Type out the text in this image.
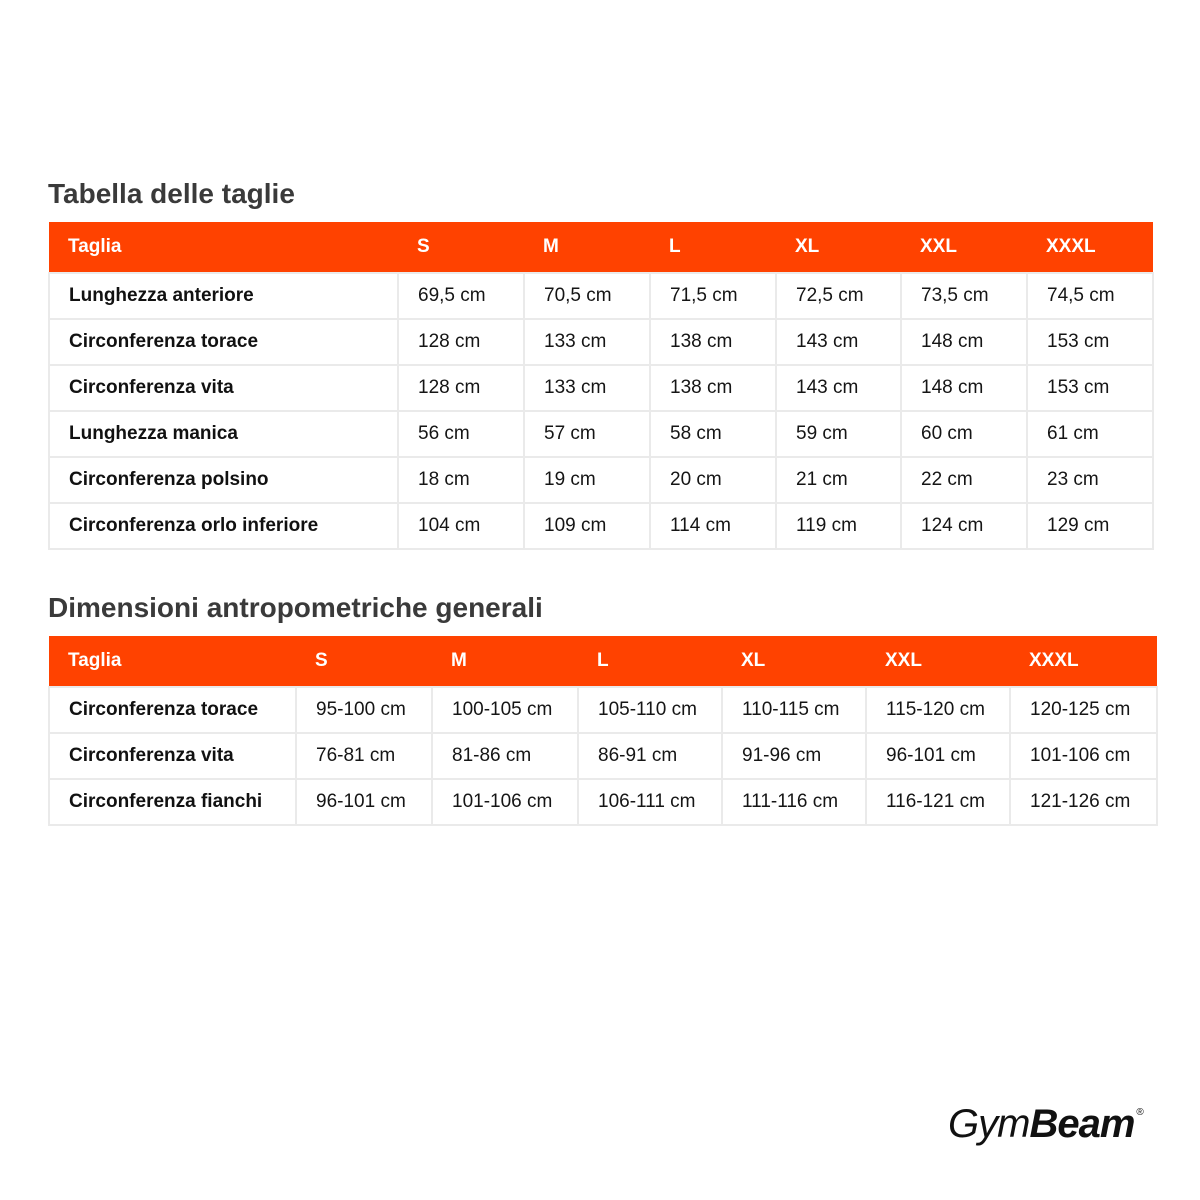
Tabella delle taglie
Taglia	S	M	L	XL	XXL	XXXL
Lunghezza anteriore	69,5 cm	70,5 cm	71,5 cm	72,5 cm	73,5 cm	74,5 cm
Circonferenza torace	128 cm	133 cm	138 cm	143 cm	148 cm	153 cm
Circonferenza vita	128 cm	133 cm	138 cm	143 cm	148 cm	153 cm
Lunghezza manica	56 cm	57 cm	58 cm	59 cm	60 cm	61 cm
Circonferenza polsino	18 cm	19 cm	20 cm	21 cm	22 cm	23 cm
Circonferenza orlo inferiore	104 cm	109 cm	114 cm	119 cm	124 cm	129 cm
Dimensioni antropometriche generali
Taglia	S	M	L	XL	XXL	XXXL
Circonferenza torace	95-100 cm	100-105 cm	105-110 cm	110-115 cm	115-120 cm	120-125 cm
Circonferenza vita	76-81 cm	81-86 cm	86-91 cm	91-96 cm	96-101 cm	101-106 cm
Circonferenza fianchi	96-101 cm	101-106 cm	106-111 cm	111-116 cm	116-121 cm	121-126 cm
GymBeam ®
